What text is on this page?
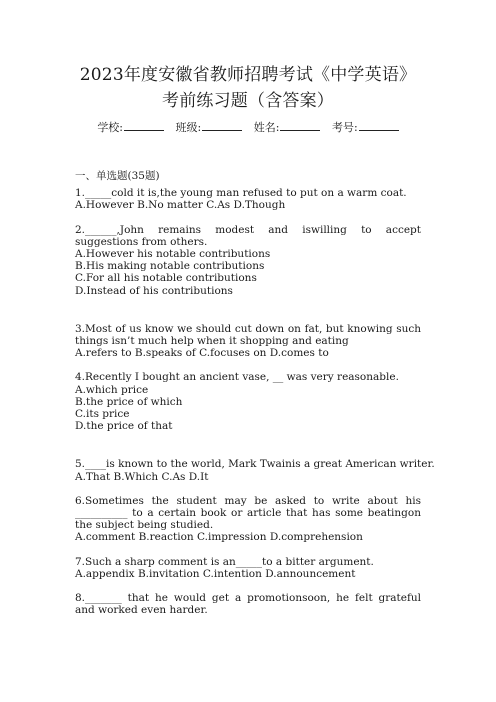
2023年度安徽省教师招聘考试《中学英语》
考前练习题（含答案）
学校:	班级:	姓名:	考号:
一、单选题(35题)
1._____cold it is,the young man refused to put on a warm coat.
A.However B.No matter C.As D.Though
2.______,John remains modest and iswilling to accept suggestions from others.
A.However his notable contributions
B.His making notable contributions
C.For all his notable contributions
D.Instead of his contributions
3.Most of us know we should cut down on fat, but knowing such things isn’t much help when it shopping and eating
A.refers to B.speaks of C.focuses on D.comes to
4.Recently I bought an ancient vase, __ was very reasonable.
A.which price
B.the price of which
C.its price
D.the price of that
5.____is known to the world, Mark Twainis a great American writer.
A.That B.Which C.As D.It
6.Sometimes the student may be asked to write about his __________ to a certain book or article that has some beatingon the subject being studied.
A.comment B.reaction C.impression D.comprehension
7.Such a sharp comment is an_____to a bitter argument.
A.appendix B.invitation C.intention D.announcement
8._______ that he would get a promotionsoon, he felt grateful and worked even harder.
